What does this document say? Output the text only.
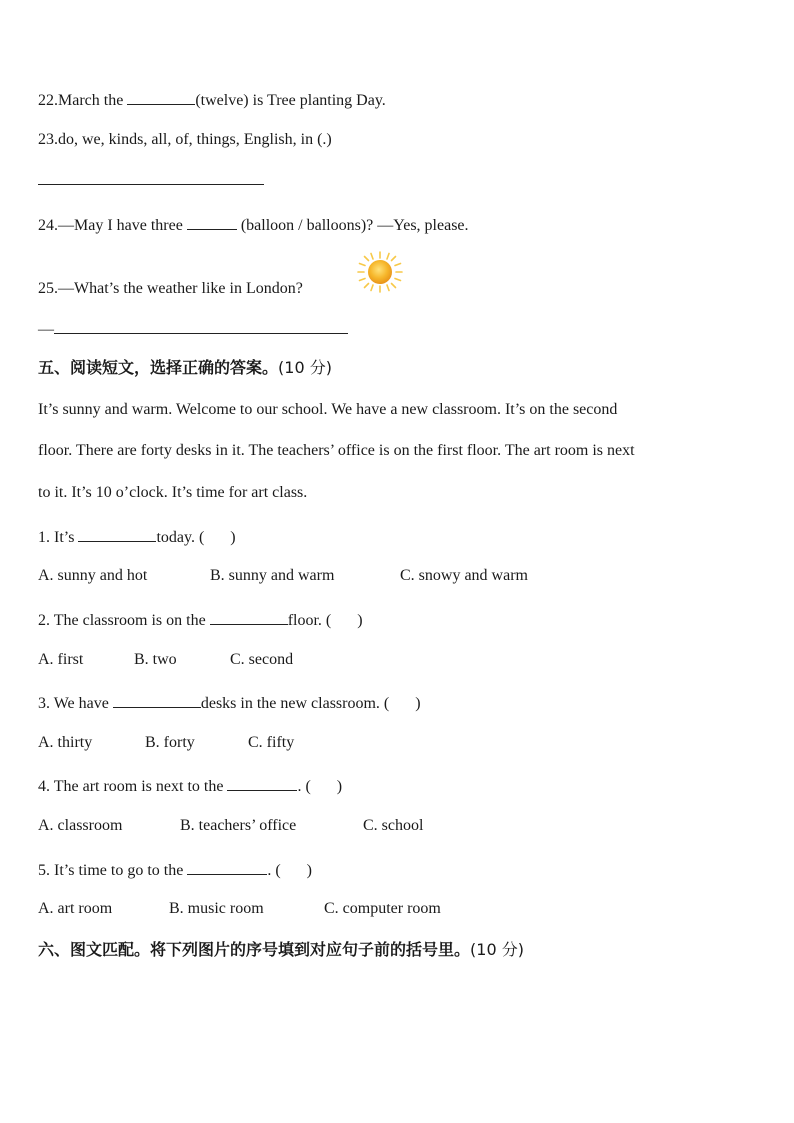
22.March the	(twelve) is Tree planting Day.
23.do, we, kinds, all, of, things, English, in (.)
24.—May I have three	(balloon / balloons)? —Yes, please.
25.—What’s the weather like in London?
—
五、阅读短文，选择正确的答案。(10 分)
It’s sunny and warm. Welcome to our school. We have a new classroom. It’s on the second
floor. There are forty desks in it. The teachers’ office is on the first floor. The art room is next
to it. It’s 10 o’clock. It’s time for art class.
1. It’s	today. ( )
A. sunny and hot	B. sunny and warm	C. snowy and warm
2. The classroom is on the	floor. ( )
A. first	B. two	C. second
3. We have	desks in the new classroom. ( )
A. thirty	B. forty	C. fifty
4. The art room is next to the	. ( )
A. classroom	B. teachers’ office	C. school
5. It’s time to go to the	. ( )
A. art room	B. music room	C. computer room
六、图文匹配。将下列图片的序号填到对应句子前的括号里。(10 分)
